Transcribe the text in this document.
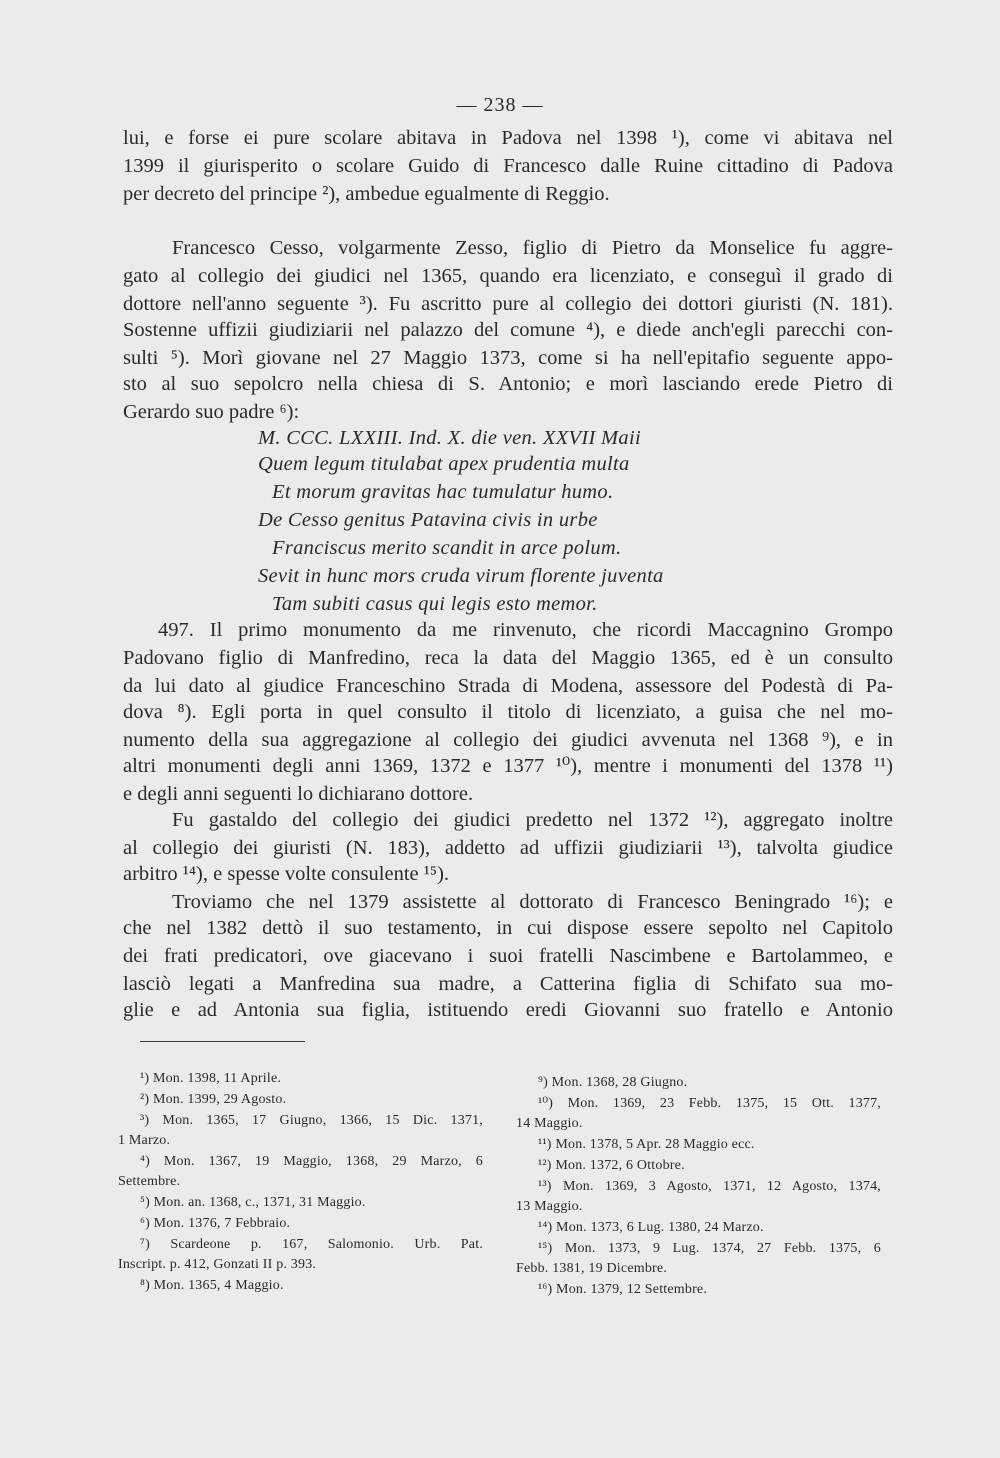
— 238 —
lui, e forse ei pure scolare abitava in Padova nel 1398 ¹), come vi abitava nel
1399 il giurisperito o scolare Guido di Francesco dalle Ruine cittadino di Padova
per decreto del principe ²), ambedue egualmente di Reggio.
Francesco Cesso, volgarmente Zesso, figlio di Pietro da Monselice fu aggre-
gato al collegio dei giudici nel 1365, quando era licenziato, e conseguì il grado di
dottore nell'anno seguente ³). Fu ascritto pure al collegio dei dottori giuristi (N. 181).
Sostenne uffizii giudiziarii nel palazzo del comune ⁴), e diede anch'egli parecchi con-
sulti ⁵). Morì giovane nel 27 Maggio 1373, come si ha nell'epitafio seguente appo-
sto al suo sepolcro nella chiesa di S. Antonio; e morì lasciando erede Pietro di
Gerardo suo padre ⁶):
M. CCC. LXXIII. Ind. X. die ven. XXVII Maii
Quem legum titulabat apex prudentia multa
Et morum gravitas hac tumulatur humo.
De Cesso genitus Patavina civis in urbe
Franciscus merito scandit in arce polum.
Sevit in hunc mors cruda virum florente juventa
Tam subiti casus qui legis esto memor.
497. Il primo monumento da me rinvenuto, che ricordi Maccagnino Grompo
Padovano figlio di Manfredino, reca la data del Maggio 1365, ed è un consulto
da lui dato al giudice Franceschino Strada di Modena, assessore del Podestà di Pa-
dova ⁸). Egli porta in quel consulto il titolo di licenziato, a guisa che nel mo-
numento della sua aggregazione al collegio dei giudici avvenuta nel 1368 ⁹), e in
altri monumenti degli anni 1369, 1372 e 1377 ¹⁰), mentre i monumenti del 1378 ¹¹)
e degli anni seguenti lo dichiarano dottore.
Fu gastaldo del collegio dei giudici predetto nel 1372 ¹²), aggregato inoltre
al collegio dei giuristi (N. 183), addetto ad uffizii giudiziarii ¹³), talvolta giudice
arbitro ¹⁴), e spesse volte consulente ¹⁵).
Troviamo che nel 1379 assistette al dottorato di Francesco Beningrado ¹⁶); e
che nel 1382 dettò il suo testamento, in cui dispose essere sepolto nel Capitolo
dei frati predicatori, ove giacevano i suoi fratelli Nascimbene e Bartolammeo, e
lasciò legati a Manfredina sua madre, a Catterina figlia di Schifato sua mo-
glie e ad Antonia sua figlia, istituendo eredi Giovanni suo fratello e Antonio
¹) Mon. 1398, 11 Aprile.
²) Mon. 1399, 29 Agosto.
³) Mon. 1365, 17 Giugno, 1366, 15 Dic. 1371,
1 Marzo.
⁴) Mon. 1367, 19 Maggio, 1368, 29 Marzo, 6
Settembre.
⁵) Mon. an. 1368, c., 1371, 31 Maggio.
⁶) Mon. 1376, 7 Febbraio.
⁷) Scardeone p. 167, Salomonio. Urb. Pat.
Inscript. p. 412, Gonzati II p. 393.
⁸) Mon. 1365, 4 Maggio.
⁹) Mon. 1368, 28 Giugno.
¹⁰) Mon. 1369, 23 Febb. 1375, 15 Ott. 1377,
14 Maggio.
¹¹) Mon. 1378, 5 Apr. 28 Maggio ecc.
¹²) Mon. 1372, 6 Ottobre.
¹³) Mon. 1369, 3 Agosto, 1371, 12 Agosto, 1374,
13 Maggio.
¹⁴) Mon. 1373, 6 Lug. 1380, 24 Marzo.
¹⁵) Mon. 1373, 9 Lug. 1374, 27 Febb. 1375, 6
Febb. 1381, 19 Dicembre.
¹⁶) Mon. 1379, 12 Settembre.
